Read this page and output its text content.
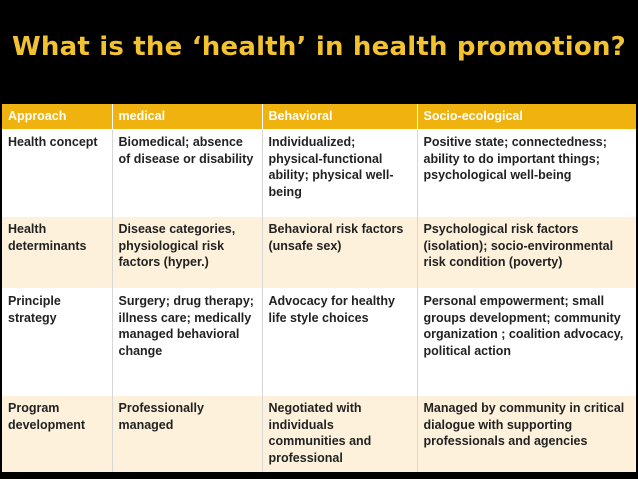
What is the ‘health’ in health promotion?
Approach	medical	Behavioral	Socio-ecological
Health concept	Biomedical; absence of disease or disability	Individualized; physical-functional ability; physical well-being	Positive state; connectedness; ability to do important things; psychological well-being
Health determinants	Disease categories, physiological risk factors (hyper.)	Behavioral risk factors (unsafe sex)	Psychological risk factors (isolation); socio-environmental risk condition (poverty)
Principle strategy	Surgery; drug therapy; illness care; medically managed behavioral change	Advocacy for healthy life style choices	Personal empowerment; small groups development; community organization ; coalition advocacy, political action
Program development	Professionally managed	Negotiated with individuals communities and professional	Managed by community in critical dialogue with supporting professionals and agencies
